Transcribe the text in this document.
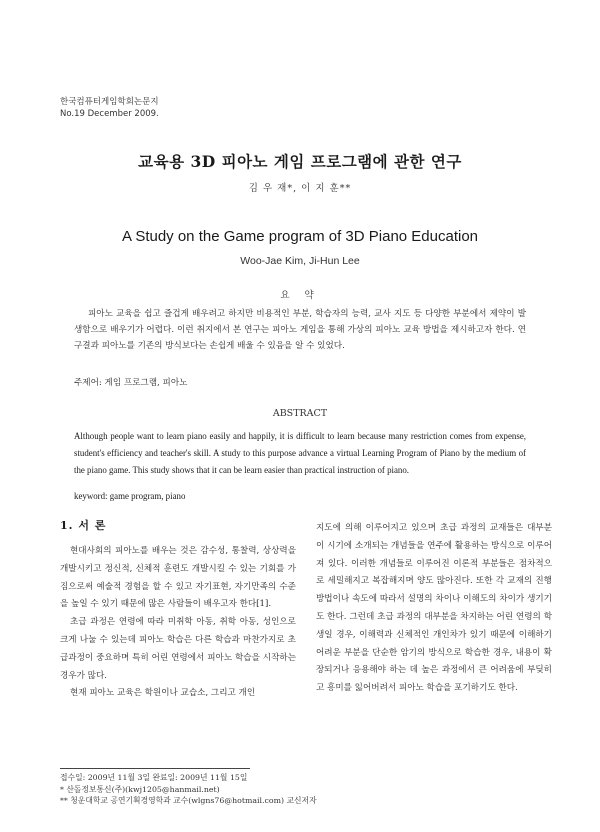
한국컴퓨터게임학회논문지
No.19 December 2009.
교육용 3D 피아노 게임 프로그램에 관한 연구
김 우 재*, 이 지 훈**
A Study on the Game program of 3D Piano Education
Woo-Jae Kim, Ji-Hun Lee
요 약
피아노 교육을 쉽고 즐겁게 배우려고 하지만 비용적인 부분, 학습자의 능력, 교사 지도 등 다양한 부분에서 제약이 발생함으로 배우기가 어렵다. 이런 취지에서 본 연구는 피아노 게임을 통해 가상의 피아노 교육 방법을 제시하고자 한다. 연구결과 피아노를 기존의 방식보다는 손쉽게 배울 수 있음을 알 수 있었다.
주제어: 게임 프로그램, 피아노
ABSTRACT
Although people want to learn piano easily and happily, it is difficult to learn because many restriction comes from expense, student's efficiency and teacher's skill. A study to this purpose advance a virtual Learning Program of Piano by the medium of the piano game. This study shows that it can be learn easier than practical instruction of piano.
keyword: game program, piano
1. 서 론

현대사회의 피아노를 배우는 것은 감수성, 통찰력, 상상력을 개발시키고 정신적, 신체적 훈련도 개발시킬 수 있는 기회를 가짐으로써 예술적 경험을 할 수 있고 자기표현, 자기만족의 수준을 높일 수 있기 때문에 많은 사람들이 배우고자 한다[1].

초급 과정은 연령에 따라 미취학 아동, 취학 아동, 성인으로 크게 나눌 수 있는데 피아노 학습은 다른 학습과 마찬가지로 초급과정이 중요하며 특히 어린 연령에서 피아노 학습을 시작하는 경우가 많다.

현재 피아노 교육은 학원이나 교습소, 그리고 개인

지도에 의해 이루어지고 있으며 초급 과정의 교재들은 대부분 이 시기에 소개되는 개념들을 연주에 활용하는 방식으로 이루어져 있다. 이러한 개념들로 이루어진 이론적 부분들은 점차적으로 세밀해지고 복잡해지며 양도 많아진다. 또한 각 교재의 진행방법이나 속도에 따라서 설명의 차이나 이해도의 차이가 생기기도 한다. 그런데 초급 과정의 대부분을 차지하는 어린 연령의 학생일 경우, 이해력과 신체적인 개인차가 있기 때문에 이해하기 어려운 부분을 단순한 암기의 방식으로 학습한 경우, 내용이 확장되거나 응용해야 하는 데 높은 과정에서 큰 어려움에 부딪히고 흥미를 잃어버려서 피아노 학습을 포기하기도 한다.

접수일: 2009년 11월 3일 완료일: 2009년 11월 15일
* 산돌정보통신(주)(kwj1205@hanmail.net)
** 청운대학교 공연기획경영학과 교수(wlgns76@hotmail.com) 교신저자
